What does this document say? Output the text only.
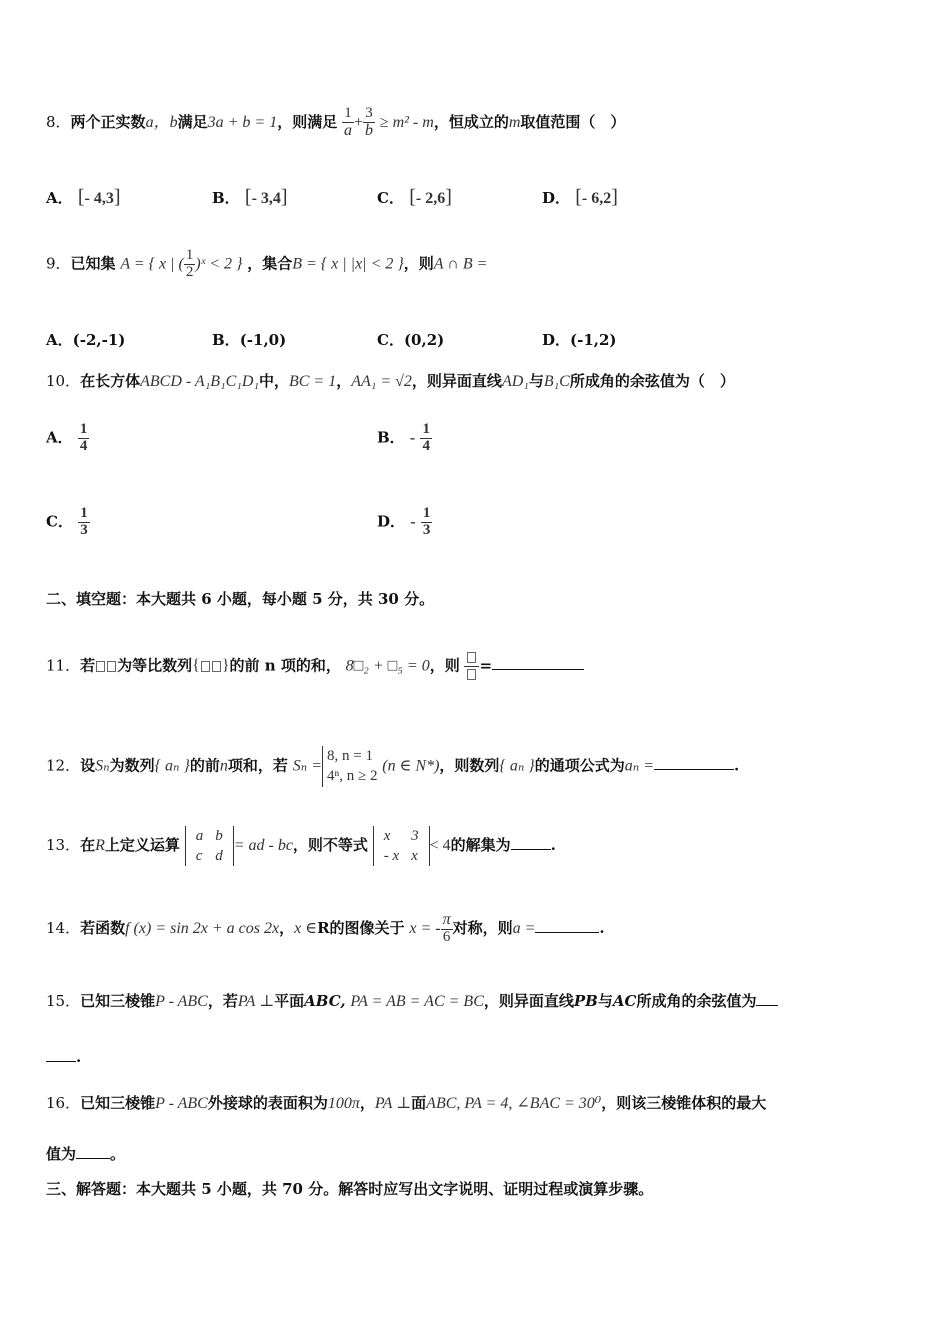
8．两个正实数a，b满足3a + b = 1，则满足 $\frac{1}{a} + \frac{3}{b} \ge m^2 - m$，恒成立的m取值范围（　）
A． [- 4,3]	B． [- 3,4]	C． [- 2,6]	D． [- 6,2]
9．已知集 A = { x | ( $\frac{1}{2}$ )ˣ < 2 } ，集合B = { x | |x| < 2 }，则A ∩ B =
A．(-2,-1)	B．(-1,0)	C．(0,2)	D．(-1,2)
10．在长方体ABCD - A₁B₁C₁D₁中，BC = 1，AA₁ = √2，则异面直线AD₁与B₁C所成角的余弦值为（　）
A． $\frac{1}{4}$	B． - $\frac{1}{4}$
C． $\frac{1}{3}$	D． - $\frac{1}{3}$
二、填空题：本大题共 6 小题，每小题 5 分，共 30 分。
11．若 为等比数列{ }的前 n 项的和， 8□₂ + □₅ = 0，则 =
12．设Sₙ为数列{ aₙ }的前n项和，若 Sₙ =
8, n = 1
4ⁿ, n ≥ 2
(n ∈ N*)，则数列{ aₙ }的通项公式为aₙ =	.
13．在R上定义运算 a	b
c	d
= ad - bc，则不等式 x	3
- x	x
< 4的解集为	.
14．若函数f (x) = sin 2x + a cos 2x，x ∈R的图像关于 x = - $\frac{\pi}{6}$ 对称，则a =	.
15．已知三棱锥P - ABC，若PA ⊥平面ABC, PA = AB = AC = BC，则异面直线PB与AC所成角的余弦值为
.
16．已知三棱锥P - ABC外接球的表面积为100π，PA ⊥面ABC, PA = 4, ∠BAC = 30⁰，则该三棱锥体积的最大
值为 。
三、解答题：本大题共 5 小题，共 70 分。解答时应写出文字说明、证明过程或演算步骤。
